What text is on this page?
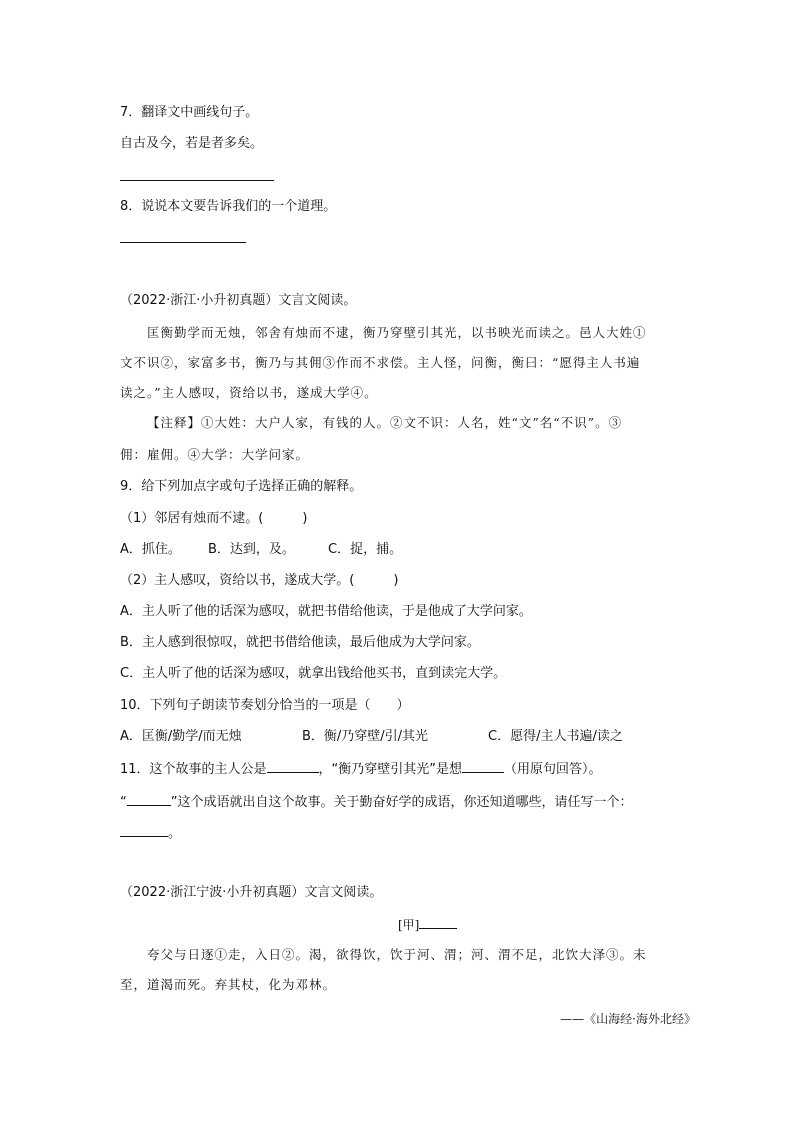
7．翻译文中画线句子。
自古及今，若是者多矣。
8．说说本文要告诉我们的一个道理。
（2022·浙江·小升初真题）文言文阅读。
匡衡勤学而无烛，邻舍有烛而不逮，衡乃穿壁引其光，以书映光而读之。邑人大姓①
文不识②，家富多书，衡乃与其佣③作而不求偿。主人怪，问衡，衡曰：“愿得主人书遍
读之。”主人感叹，资给以书，遂成大学④。
【注释】①大姓：大户人家，有钱的人。②文不识：人名，姓“文”名“不识”。③
佣：雇佣。④大学：大学问家。
9．给下列加点字或句子选择正确的解释。
（1）邻居有烛而不逮。(　　　)
A．抓住。 B．达到，及。	C．捉，捕。
（2）主人感叹，资给以书，遂成大学。(　　　)
A．主人听了他的话深为感叹，就把书借给他读，于是他成了大学问家。
B．主人感到很惊叹，就把书借给他读，最后他成为大学问家。
C．主人听了他的话深为感叹，就拿出钱给他买书，直到读完大学。
10．下列句子朗读节奏划分恰当的一项是（　　）
A．匡衡/勤学/而无烛	B．衡/乃穿壁/引/其光	C．愿得/主人书遍/读之
11．这个故事的主人公是	，“衡乃穿壁引其光”是想	（用原句回答）。
“	”这个成语就出自这个故事。关于勤奋好学的成语，你还知道哪些，请任写一个：
。
（2022·浙江宁波·小升初真题）文言文阅读。
[甲]
夸父与日逐①走，入日②。渴，欲得饮，饮于河、渭；河、渭不足，北饮大泽③。未
至，道渴而死。弃其杖，化为邓林。
——《山海经·海外北经》
